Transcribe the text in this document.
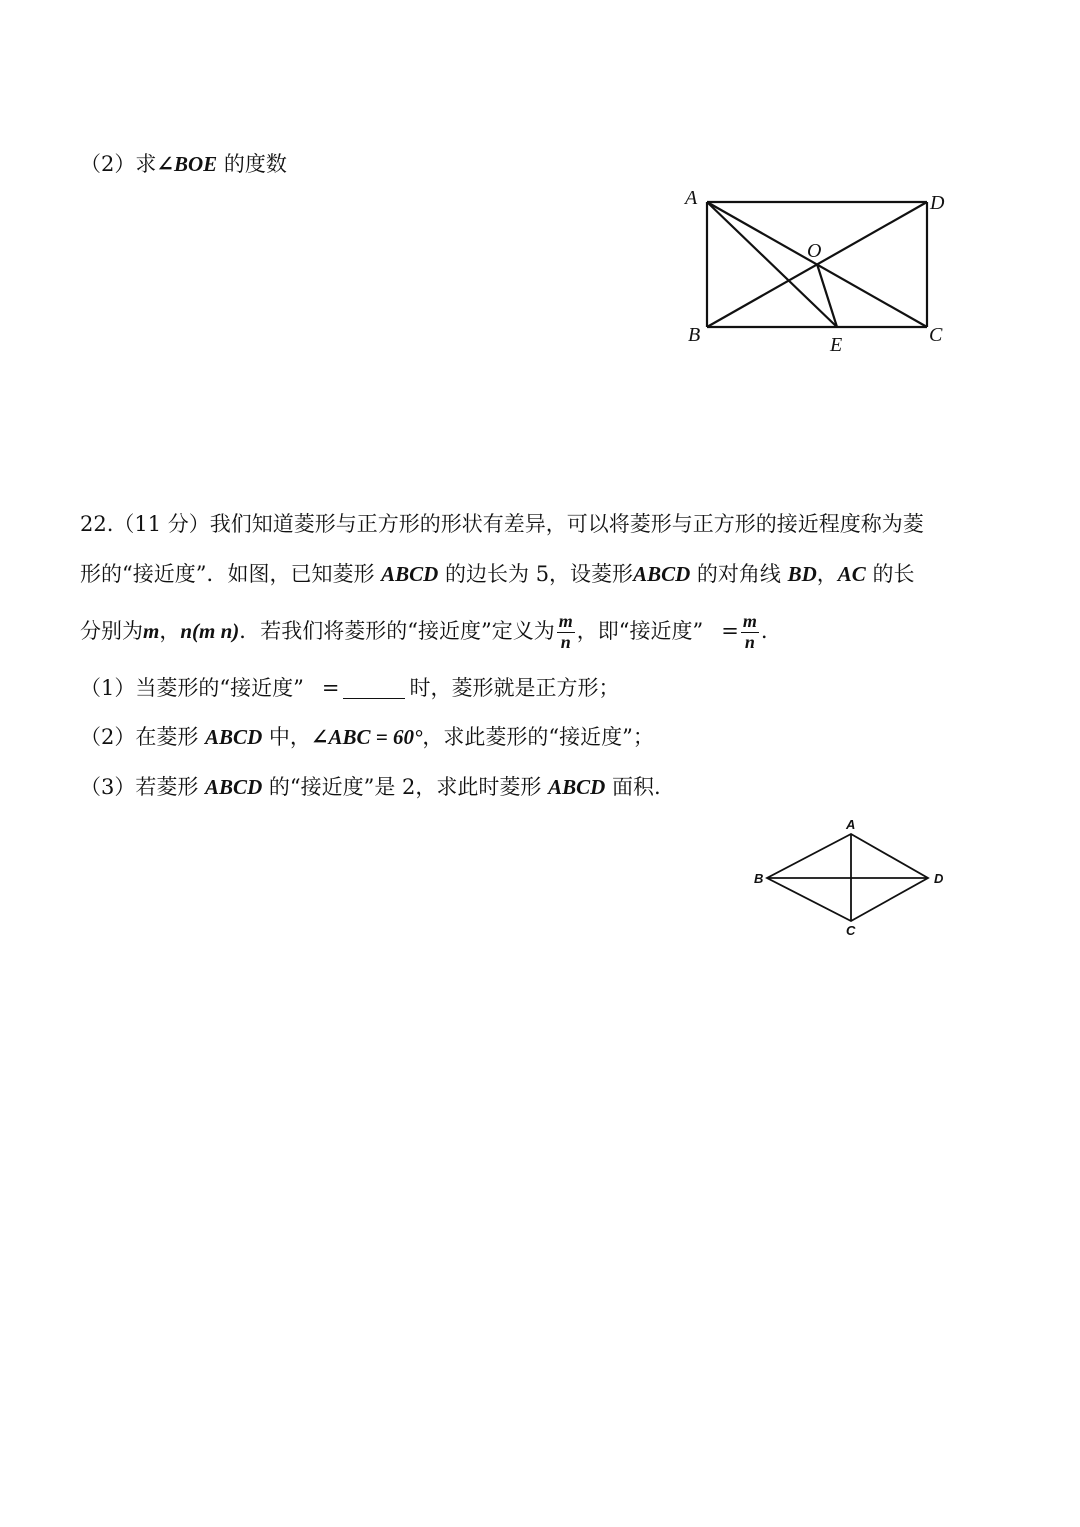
（2）求∠BOE 的度数
A	D
O
B	E	C
22.（11 分）我们知道菱形与正方形的形状有差异，可以将菱形与正方形的接近程度称为菱
形的“接近度”．如图，已知菱形 ABCD 的边长为 5，设菱形ABCD 的对角线 BD，AC 的长
分别为m，n(m n)．若我们将菱形的“接近度”定义为 $\frac{m}{n}$ ，即“接近度” = $\frac{m}{n}$ .
（1）当菱形的“接近度” =	时，菱形就是正方形；
（2）在菱形 ABCD 中，∠ABC = 60°，求此菱形的“接近度”；
（3）若菱形 ABCD 的“接近度”是 2，求此时菱形 ABCD 面积.
A
B	D
C
